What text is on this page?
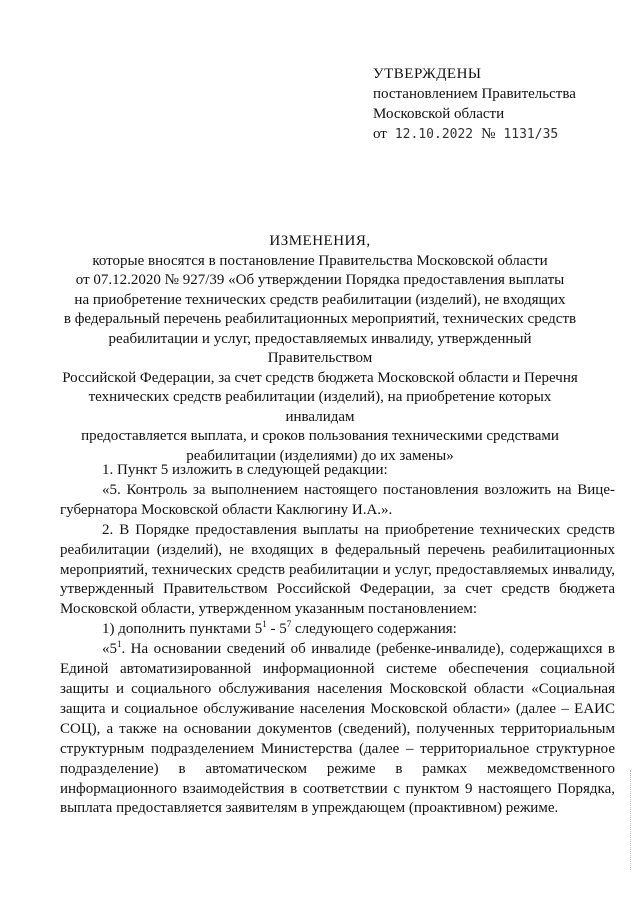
УТВЕРЖДЕНЫ
постановлением Правительства
Московской области
от 12.10.2022 № 1131/35
ИЗМЕНЕНИЯ,
которые вносятся в постановление Правительства Московской области
от 07.12.2020 № 927/39 «Об утверждении Порядка предоставления выплаты
на приобретение технических средств реабилитации (изделий), не входящих
в федеральный перечень реабилитационных мероприятий, технических средств
реабилитации и услуг, предоставляемых инвалиду, утвержденный Правительством
Российской Федерации, за счет средств бюджета Московской области и Перечня
технических средств реабилитации (изделий), на приобретение которых инвалидам
предоставляется выплата, и сроков пользования техническими средствами
реабилитации (изделиями) до их замены»

1. Пункт 5 изложить в следующей редакции:

«5. Контроль за выполнением настоящего постановления возложить на Вице-губернатора Московской области Каклюгину И.А.».

2. В Порядке предоставления выплаты на приобретение технических средств реабилитации (изделий), не входящих в федеральный перечень реабилитационных мероприятий, технических средств реабилитации и услуг, предоставляемых инвалиду, утвержденный Правительством Российской Федерации, за счет средств бюджета Московской области, утвержденном указанным постановлением:

1) дополнить пунктами $5^1 - 5^7$ следующего содержания:

«$5^1$. На основании сведений об инвалиде (ребенке-инвалиде), содержащихся в Единой автоматизированной информационной системе обеспечения социальной защиты и социального обслуживания населения Московской области «Социальная защита и социальное обслуживание населения Московской области» (далее – ЕАИС СОЦ), а также на основании документов (сведений), полученных территориальным структурным подразделением Министерства (далее – территориальное структурное подразделение) в автоматическом режиме в рамках межведомственного информационного взаимодействия в соответствии с пунктом 9 настоящего Порядка, выплата предоставляется заявителям в упреждающем (проактивном) режиме.
